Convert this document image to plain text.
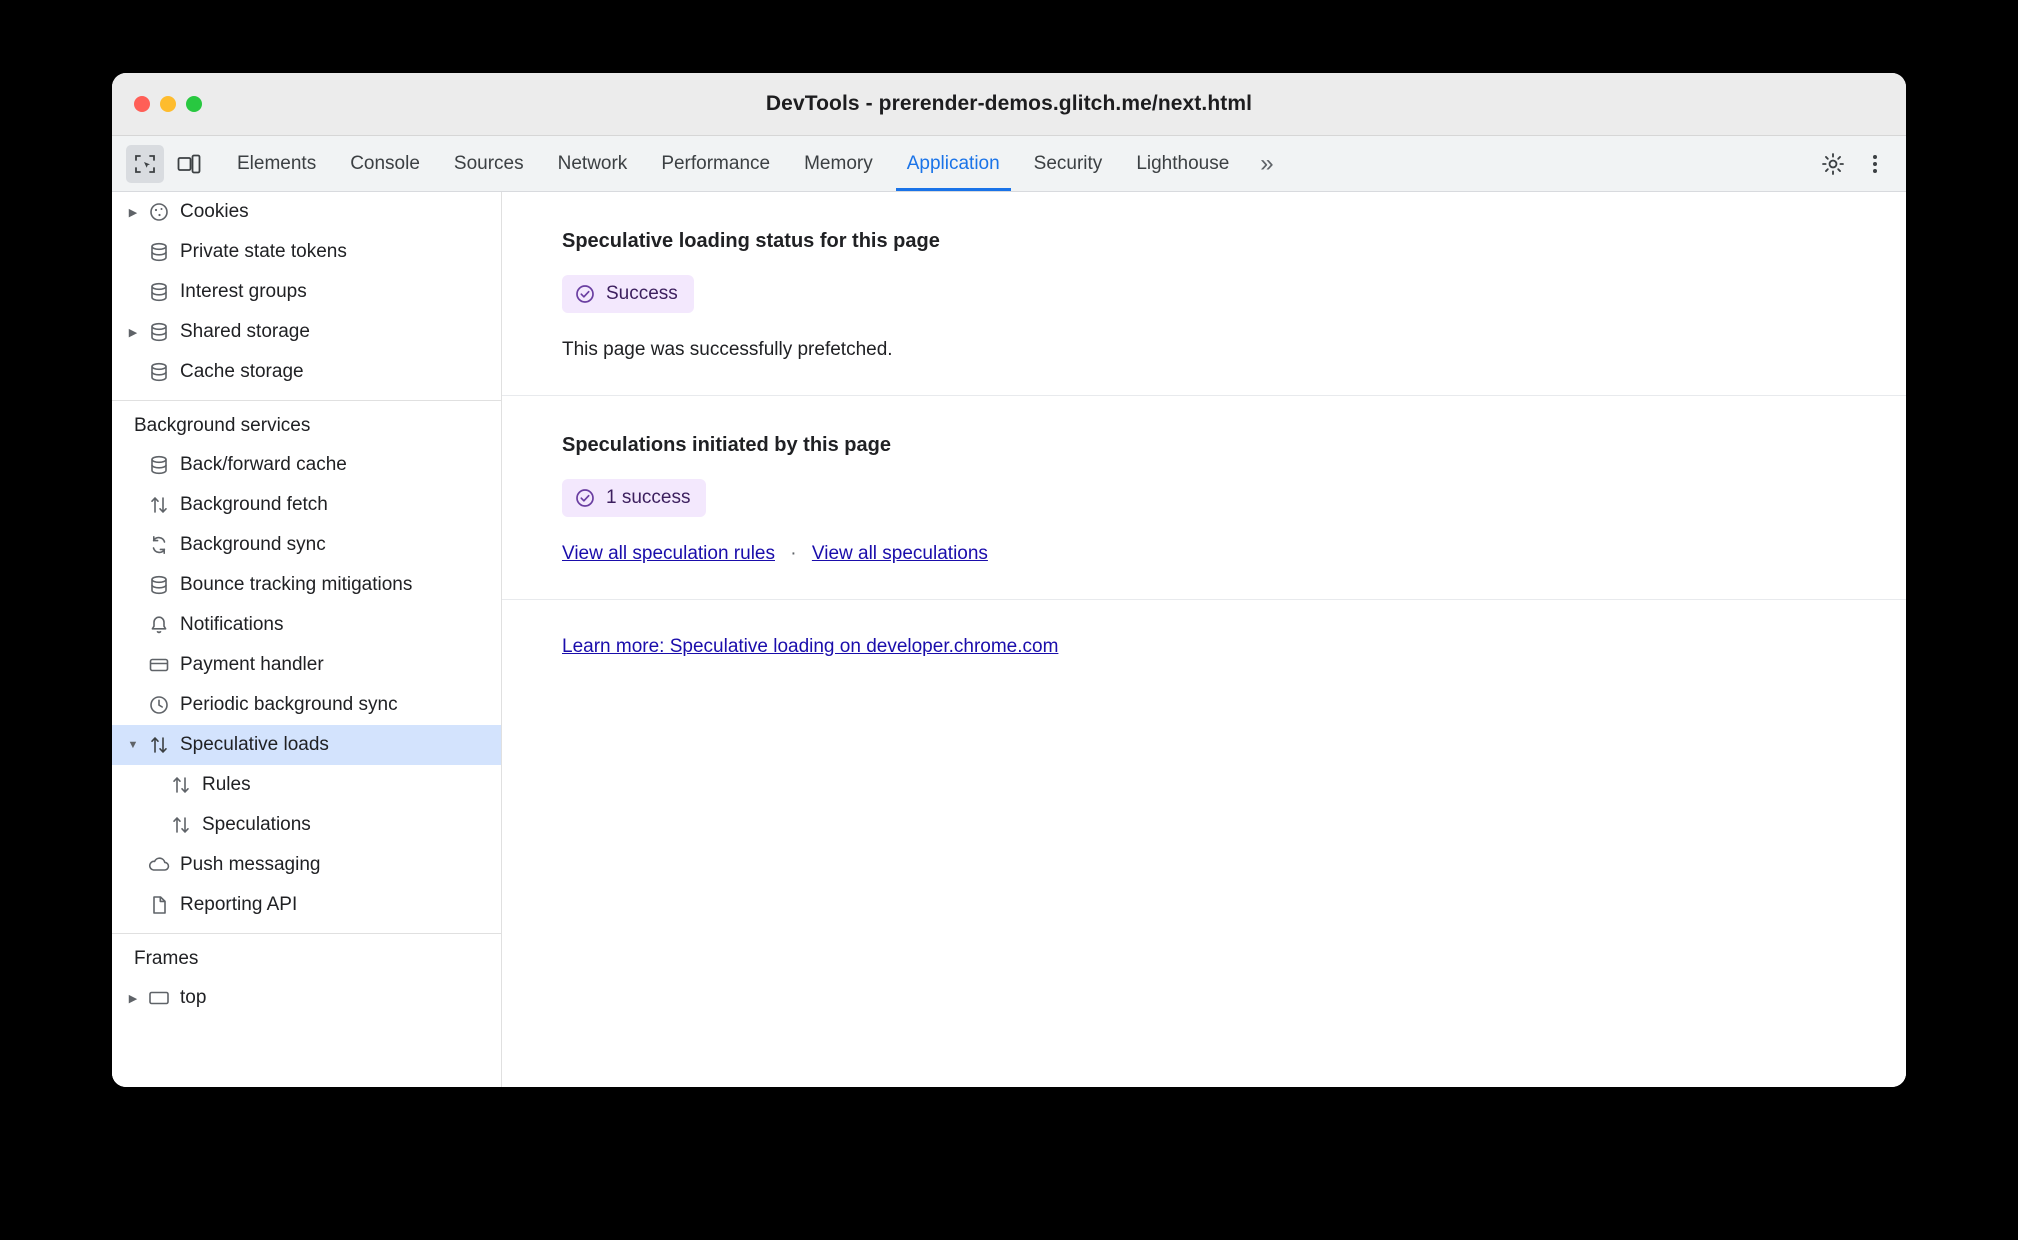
DevTools - prerender-demos.glitch.me/next.html
Elements Console Sources Network Performance Memory Application Security Lighthouse »
▶	Cookies
Private state tokens
Interest groups
▶	Shared storage
Cache storage
Background services
Back/forward cache
Background fetch
Background sync
Bounce tracking mitigations
Notifications
Payment handler
Periodic background sync
▼	Speculative loads
Rules
Speculations
Push messaging
Reporting API
Frames
▶	top
Speculative loading status for this page
Success
This page was successfully prefetched.
Speculations initiated by this page
1 success
View all speculation rules · View all speculations
Learn more: Speculative loading on developer.chrome.com
